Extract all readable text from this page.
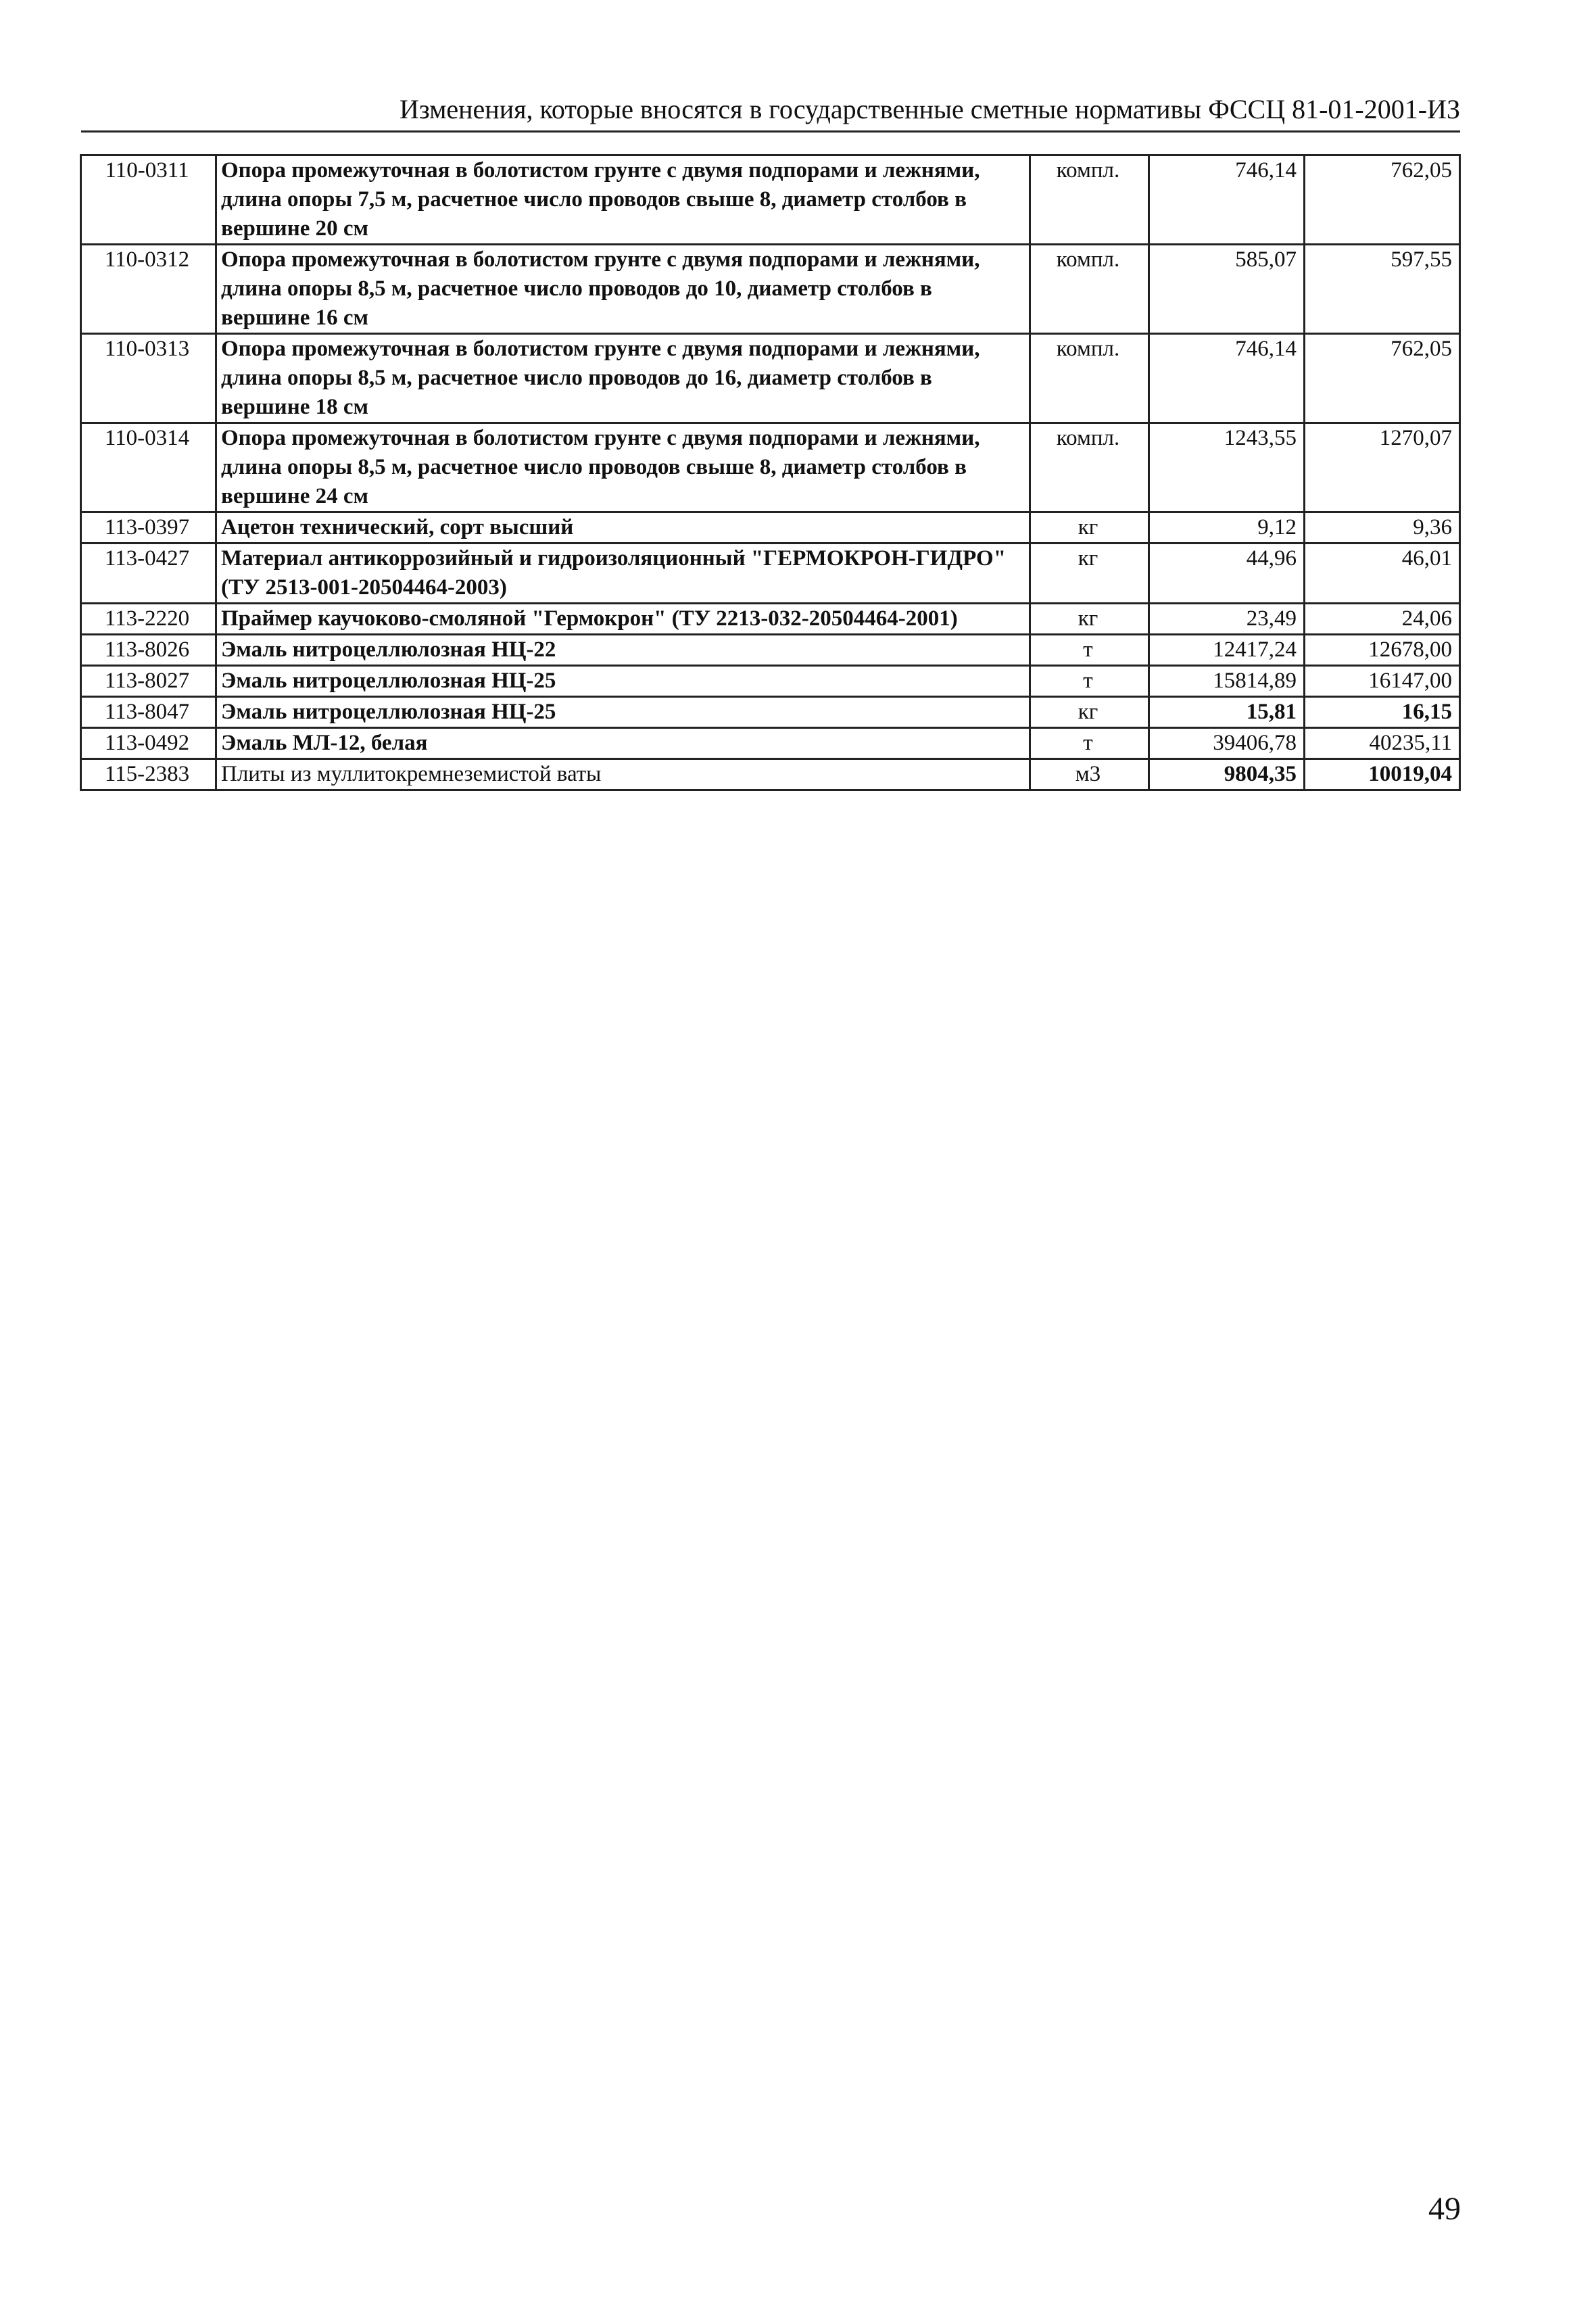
Изменения, которые вносятся в государственные сметные нормативы ФССЦ 81-01-2001-ИЗ
110-0311	Опора промежуточная в болотистом грунте с двумя подпорами и лежнями, длина опоры 7,5 м, расчетное число проводов свыше 8, диаметр столбов в вершине 20 см	компл.	746,14	762,05
110-0312	Опора промежуточная в болотистом грунте с двумя подпорами и лежнями, длина опоры 8,5 м, расчетное число проводов до 10, диаметр столбов в вершине 16 см	компл.	585,07	597,55
110-0313	Опора промежуточная в болотистом грунте с двумя подпорами и лежнями, длина опоры 8,5 м, расчетное число проводов до 16, диаметр столбов в вершине 18 см	компл.	746,14	762,05
110-0314	Опора промежуточная в болотистом грунте с двумя подпорами и лежнями, длина опоры 8,5 м, расчетное число проводов свыше 8, диаметр столбов в вершине 24 см	компл.	1243,55	1270,07
113-0397	Ацетон технический, сорт высший	кг	9,12	9,36
113-0427	Материал антикоррозийный и гидроизоляционный "ГЕРМОКРОН-ГИДРО" (ТУ 2513-001-20504464-2003)	кг	44,96	46,01
113-2220	Праймер каучоково-смоляной "Гермокрон" (ТУ 2213-032-20504464-2001)	кг	23,49	24,06
113-8026	Эмаль нитроцеллюлозная НЦ-22	т	12417,24	12678,00
113-8027	Эмаль нитроцеллюлозная НЦ-25	т	15814,89	16147,00
113-8047	Эмаль нитроцеллюлозная НЦ-25	кг	15,81	16,15
113-0492	Эмаль МЛ-12, белая	т	39406,78	40235,11
115-2383	Плиты из муллитокремнеземистой ваты	м3	9804,35	10019,04
49
